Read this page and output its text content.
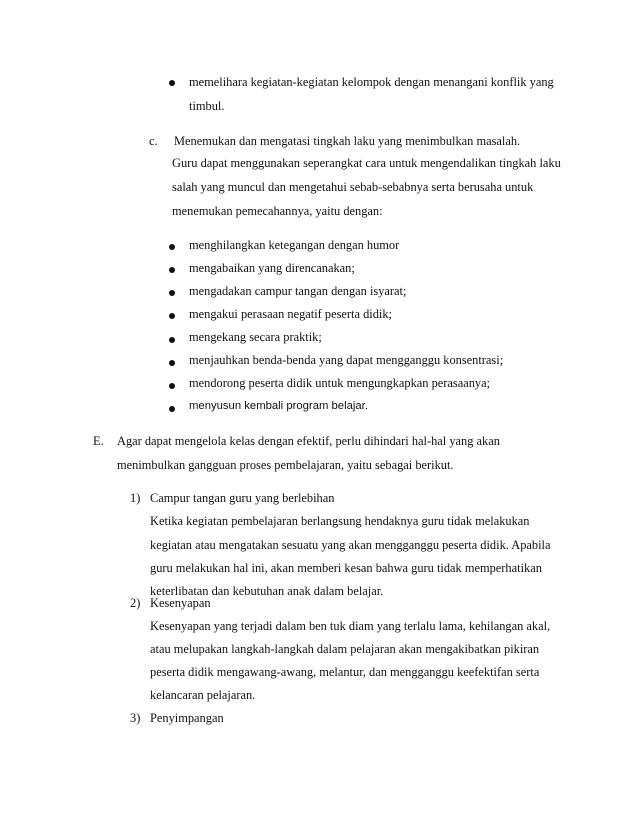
memelihara kegiatan-kegiatan kelompok dengan menangani konflik yang
timbul.
c. Menemukan dan mengatasi tingkah laku yang menimbulkan masalah.
Guru dapat menggunakan seperangkat cara untuk mengendalikan tingkah laku
salah yang muncul dan mengetahui sebab-sebabnya serta berusaha untuk
menemukan pemecahannya, yaitu dengan:
menghilangkan ketegangan dengan humor
mengabaikan yang direncanakan;
mengadakan campur tangan dengan isyarat;
mengakui perasaan negatif peserta didik;
mengekang secara praktik;
menjauhkan benda-benda yang dapat mengganggu konsentrasi;
mendorong peserta didik untuk mengungkapkan perasaanya;
menyusun kembali program belajar.
E. Agar dapat mengelola kelas dengan efektif, perlu dihindari hal-hal yang akan
menimbulkan gangguan proses pembelajaran, yaitu sebagai berikut.
1) Campur tangan guru yang berlebihan
Ketika kegiatan pembelajaran berlangsung hendaknya guru tidak melakukan
kegiatan atau mengatakan sesuatu yang akan mengganggu peserta didik. Apabila
guru melakukan hal ini, akan memberi kesan bahwa guru tidak memperhatikan
keterlibatan dan kebutuhan anak dalam belajar.
2) Kesenyapan
Kesenyapan yang terjadi dalam ben tuk diam yang terlalu lama, kehilangan akal,
atau melupakan langkah-langkah dalam pelajaran akan mengakibatkan pikiran
peserta didik mengawang-awang, melantur, dan mengganggu keefektifan serta
kelancaran pelajaran.
3) Penyimpangan
